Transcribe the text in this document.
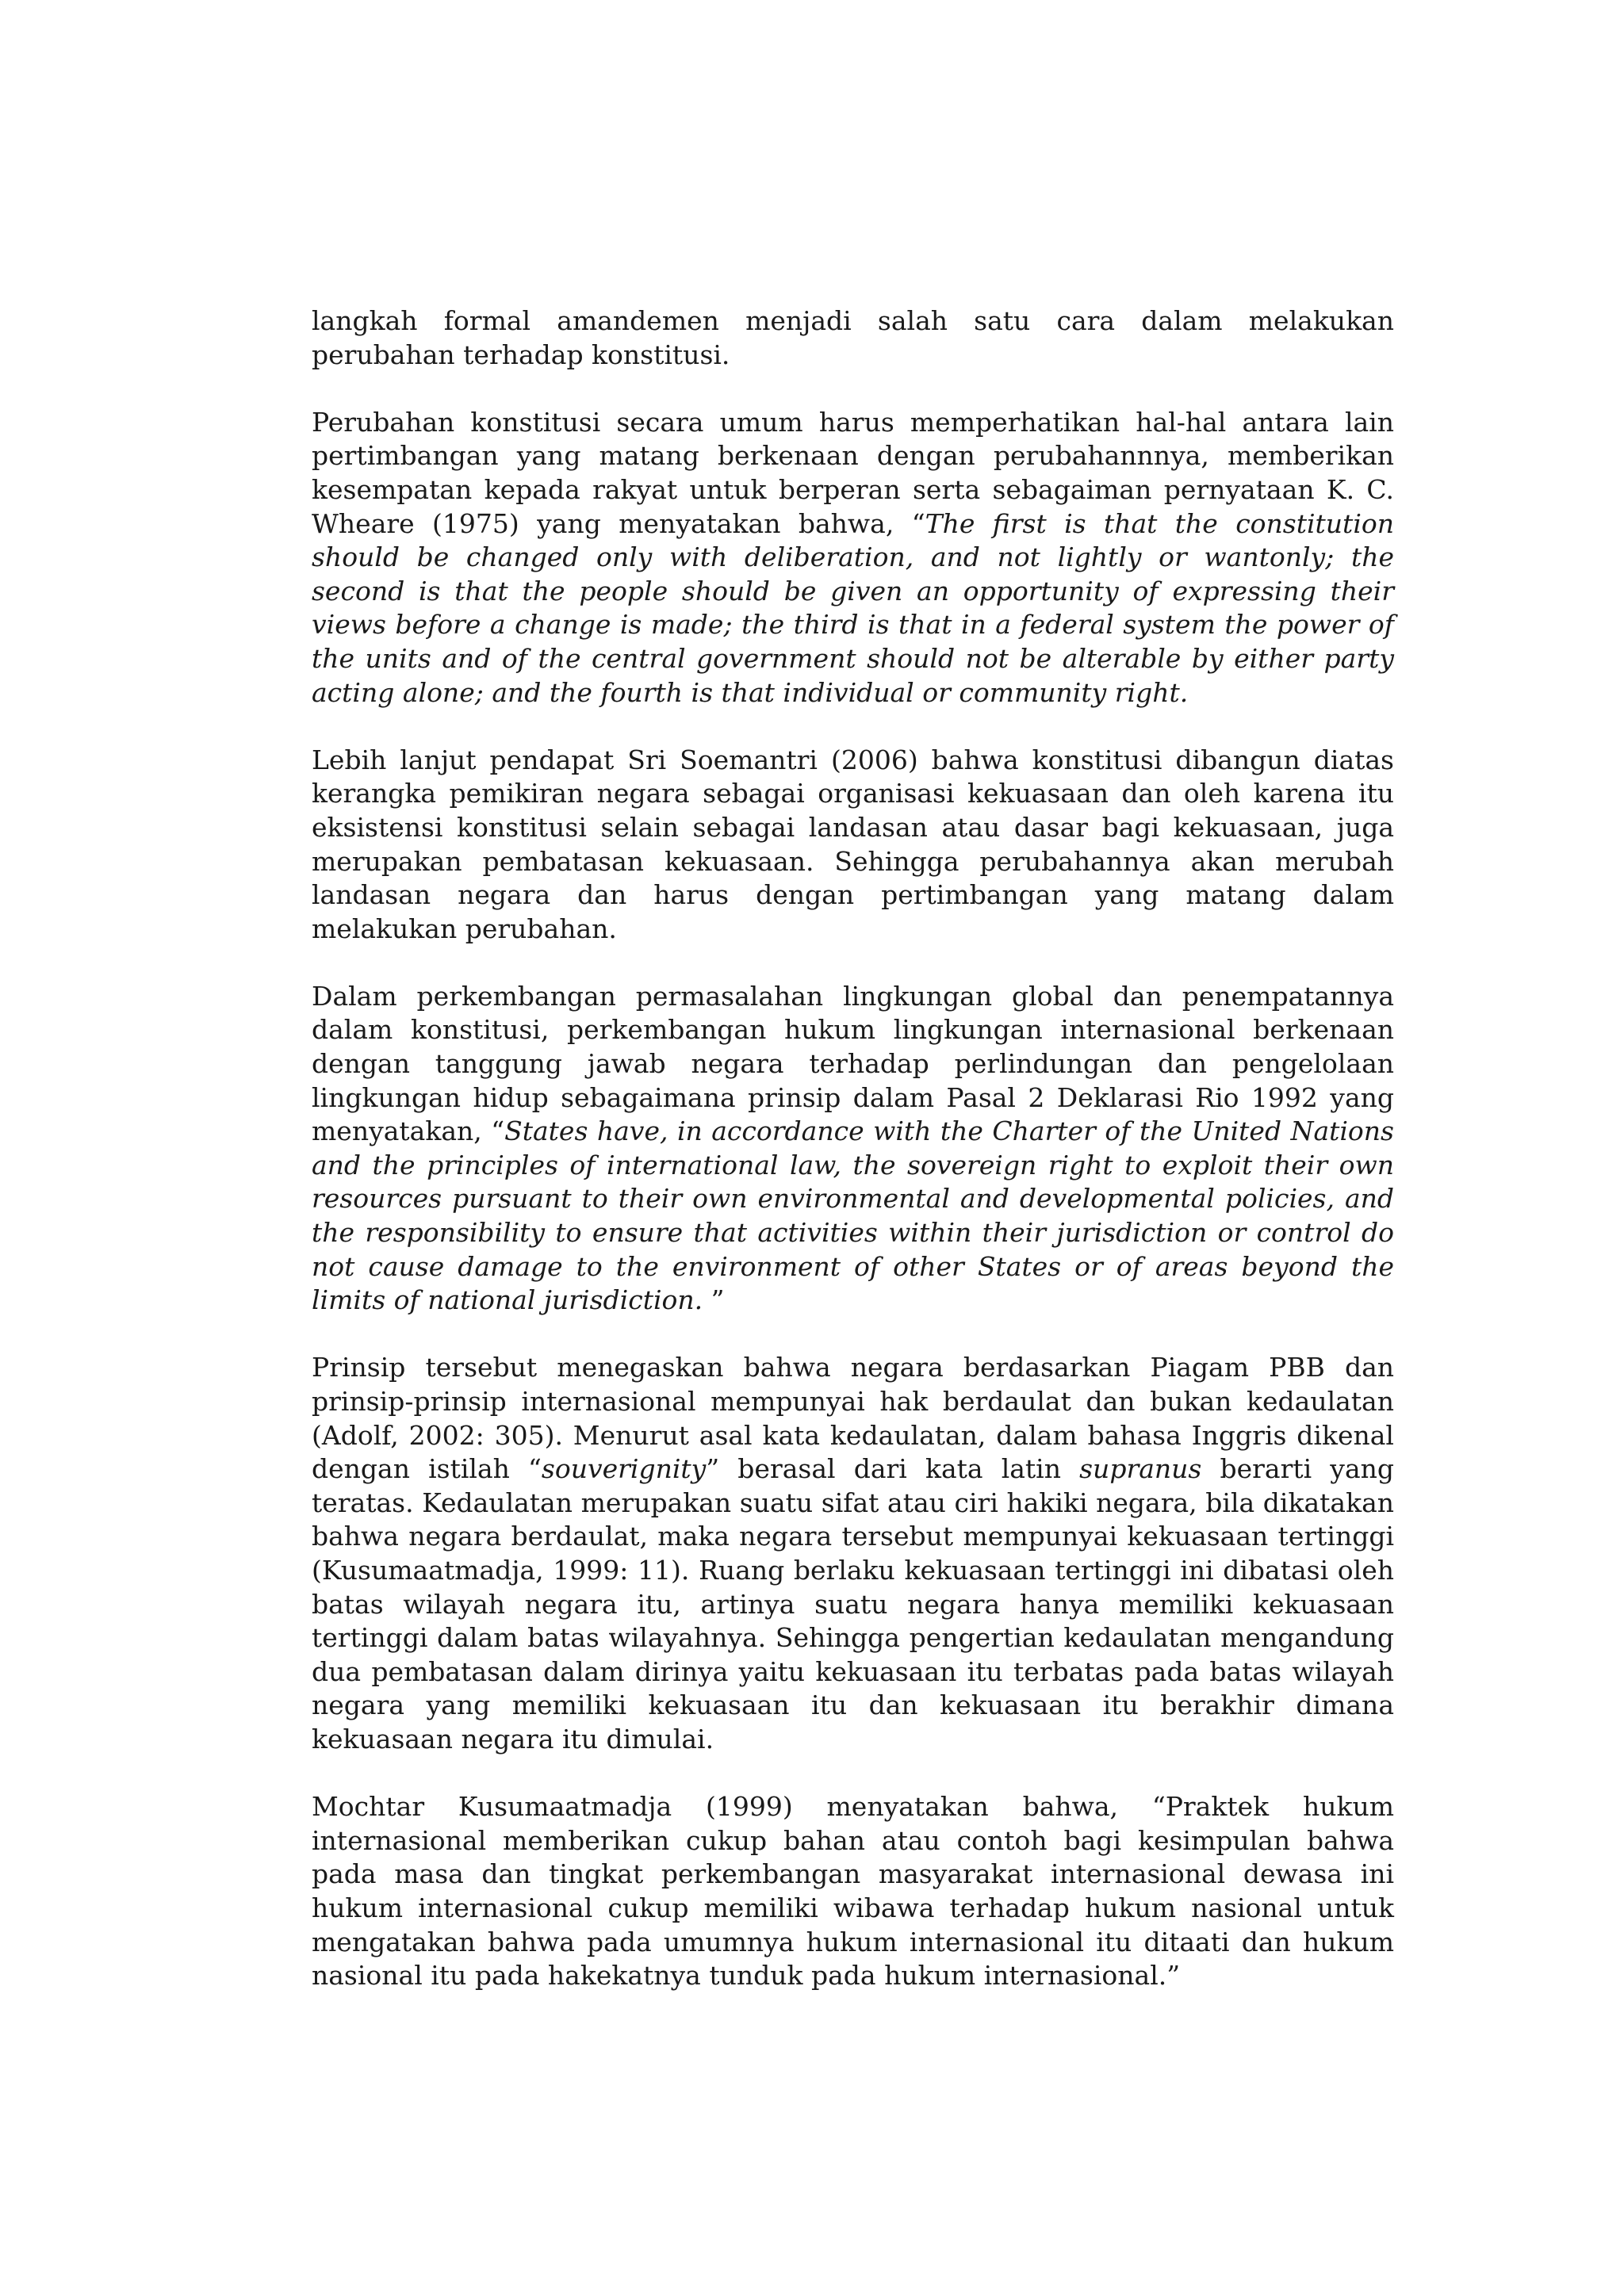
langkah formal amandemen menjadi salah satu cara dalam melakukan perubahan terhadap konstitusi.

Perubahan konstitusi secara umum harus memperhatikan hal-hal antara lain pertimbangan yang matang berkenaan dengan perubahannnya, memberikan kesempatan kepada rakyat untuk berperan serta sebagaiman pernyataan K. C. Wheare (1975) yang menyatakan bahwa, “The first is that the constitution should be changed only with deliberation, and not lightly or wantonly; the second is that the people should be given an opportunity of expressing their views before a change is made; the third is that in a federal system the power of the units and of the central government should not be alterable by either party acting alone; and the fourth is that individual or community right.

Lebih lanjut pendapat Sri Soemantri (2006) bahwa konstitusi dibangun diatas kerangka pemikiran negara sebagai organisasi kekuasaan dan oleh karena itu eksistensi konstitusi selain sebagai landasan atau dasar bagi kekuasaan, juga merupakan pembatasan kekuasaan. Sehingga perubahannya akan merubah landasan negara dan harus dengan pertimbangan yang matang dalam melakukan perubahan.

Dalam perkembangan permasalahan lingkungan global dan penempatannya dalam konstitusi, perkembangan hukum lingkungan internasional berkenaan dengan tanggung jawab negara terhadap perlindungan dan pengelolaan lingkungan hidup sebagaimana prinsip dalam Pasal 2 Deklarasi Rio 1992 yang menyatakan, “States have, in accordance with the Charter of the United Nations and the principles of international law, the sovereign right to exploit their own resources pursuant to their own environmental and developmental policies, and the responsibility to ensure that activities within their jurisdiction or control do not cause damage to the environment of other States or of areas beyond the limits of national jurisdiction. ”

Prinsip tersebut menegaskan bahwa negara berdasarkan Piagam PBB dan prinsip-prinsip internasional mempunyai hak berdaulat dan bukan kedaulatan (Adolf, 2002: 305). Menurut asal kata kedaulatan, dalam bahasa Inggris dikenal dengan istilah “souverignity” berasal dari kata latin supranus berarti yang teratas. Kedaulatan merupakan suatu sifat atau ciri hakiki negara, bila dikatakan bahwa negara berdaulat, maka negara tersebut mempunyai kekuasaan tertinggi (Kusumaatmadja, 1999: 11). Ruang berlaku kekuasaan tertinggi ini dibatasi oleh batas wilayah negara itu, artinya suatu negara hanya memiliki kekuasaan tertinggi dalam batas wilayahnya. Sehingga pengertian kedaulatan mengandung dua pembatasan dalam dirinya yaitu kekuasaan itu terbatas pada batas wilayah negara yang memiliki kekuasaan itu dan kekuasaan itu berakhir dimana kekuasaan negara itu dimulai.

Mochtar Kusumaatmadja (1999) menyatakan bahwa, “Praktek hukum internasional memberikan cukup bahan atau contoh bagi kesimpulan bahwa pada masa dan tingkat perkembangan masyarakat internasional dewasa ini hukum internasional cukup memiliki wibawa terhadap hukum nasional untuk mengatakan bahwa pada umumnya hukum internasional itu ditaati dan hukum nasional itu pada hakekatnya tunduk pada hukum internasional.”
